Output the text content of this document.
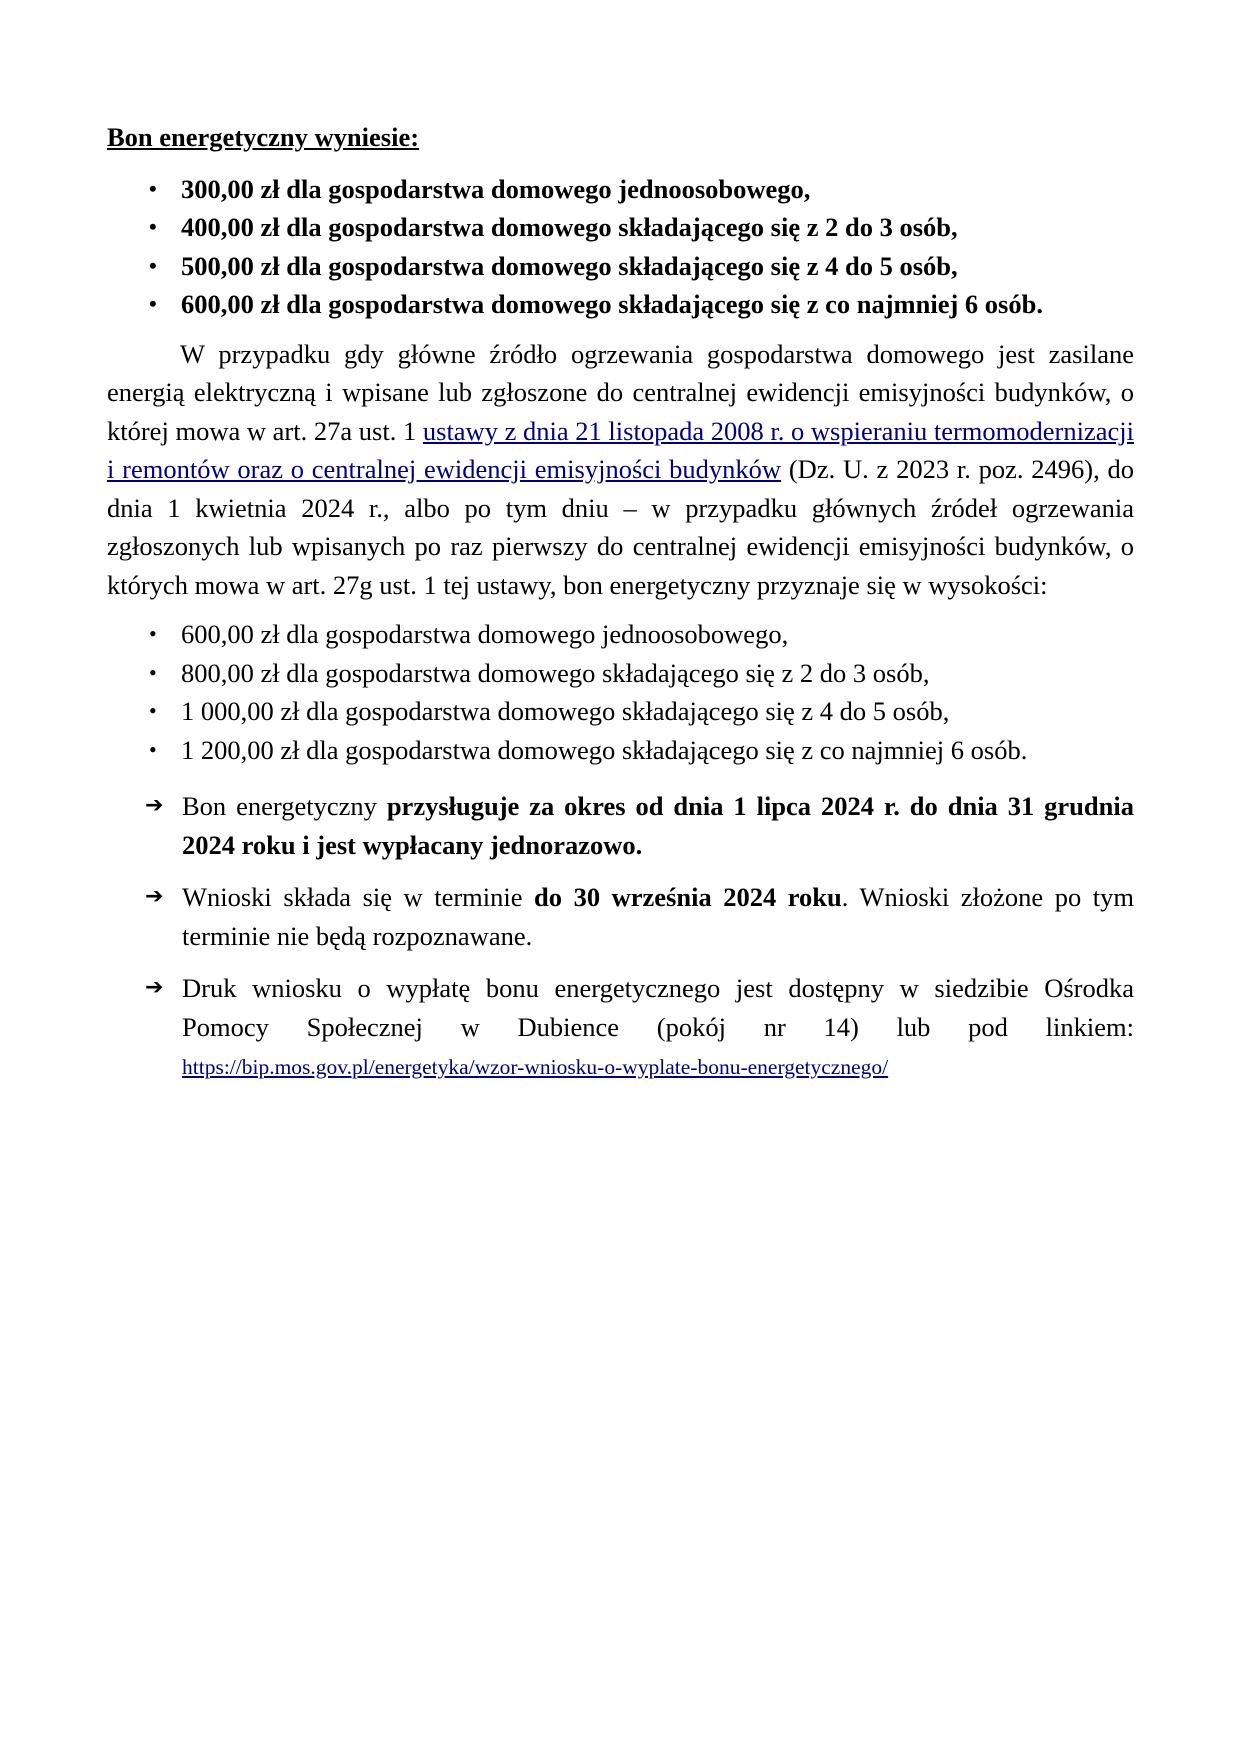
Bon energetyczny wyniesie:
• 300,00 zł dla gospodarstwa domowego jednoosobowego,
• 400,00 zł dla gospodarstwa domowego składającego się z 2 do 3 osób,
• 500,00 zł dla gospodarstwa domowego składającego się z 4 do 5 osób,
• 600,00 zł dla gospodarstwa domowego składającego się z co najmniej 6 osób.

W przypadku gdy główne źródło ogrzewania gospodarstwa domowego jest zasilane energią elektryczną i wpisane lub zgłoszone do centralnej ewidencji emisyjności budynków, o której mowa w art. 27a ust. 1 ustawy z dnia 21 listopada 2008 r. o wspieraniu termomodernizacji i remontów oraz o centralnej ewidencji emisyjności budynków (Dz. U. z 2023 r. poz. 2496), do dnia 1 kwietnia 2024 r., albo po tym dniu – w przypadku głównych źródeł ogrzewania zgłoszonych lub wpisanych po raz pierwszy do centralnej ewidencji emisyjności budynków, o których mowa w art. 27g ust. 1 tej ustawy, bon energetyczny przyznaje się w wysokości:

• 600,00 zł dla gospodarstwa domowego jednoosobowego,
• 800,00 zł dla gospodarstwa domowego składającego się z 2 do 3 osób,
• 1 000,00 zł dla gospodarstwa domowego składającego się z 4 do 5 osób,
• 1 200,00 zł dla gospodarstwa domowego składającego się z co najmniej 6 osób.
➔ Bon energetyczny przysługuje za okres od dnia 1 lipca 2024 r. do dnia 31 grudnia 2024 roku i jest wypłacany jednorazowo.
➔ Wnioski składa się w terminie do 30 września 2024 roku. Wnioski złożone po tym terminie nie będą rozpoznawane.
➔ Druk wniosku o wypłatę bonu energetycznego jest dostępny w siedzibie Ośrodka Pomocy Społecznej w Dubience (pokój nr 14) lub pod linkiem:
https://bip.mos.gov.pl/energetyka/wzor-wniosku-o-wyplate-bonu-energetycznego/
